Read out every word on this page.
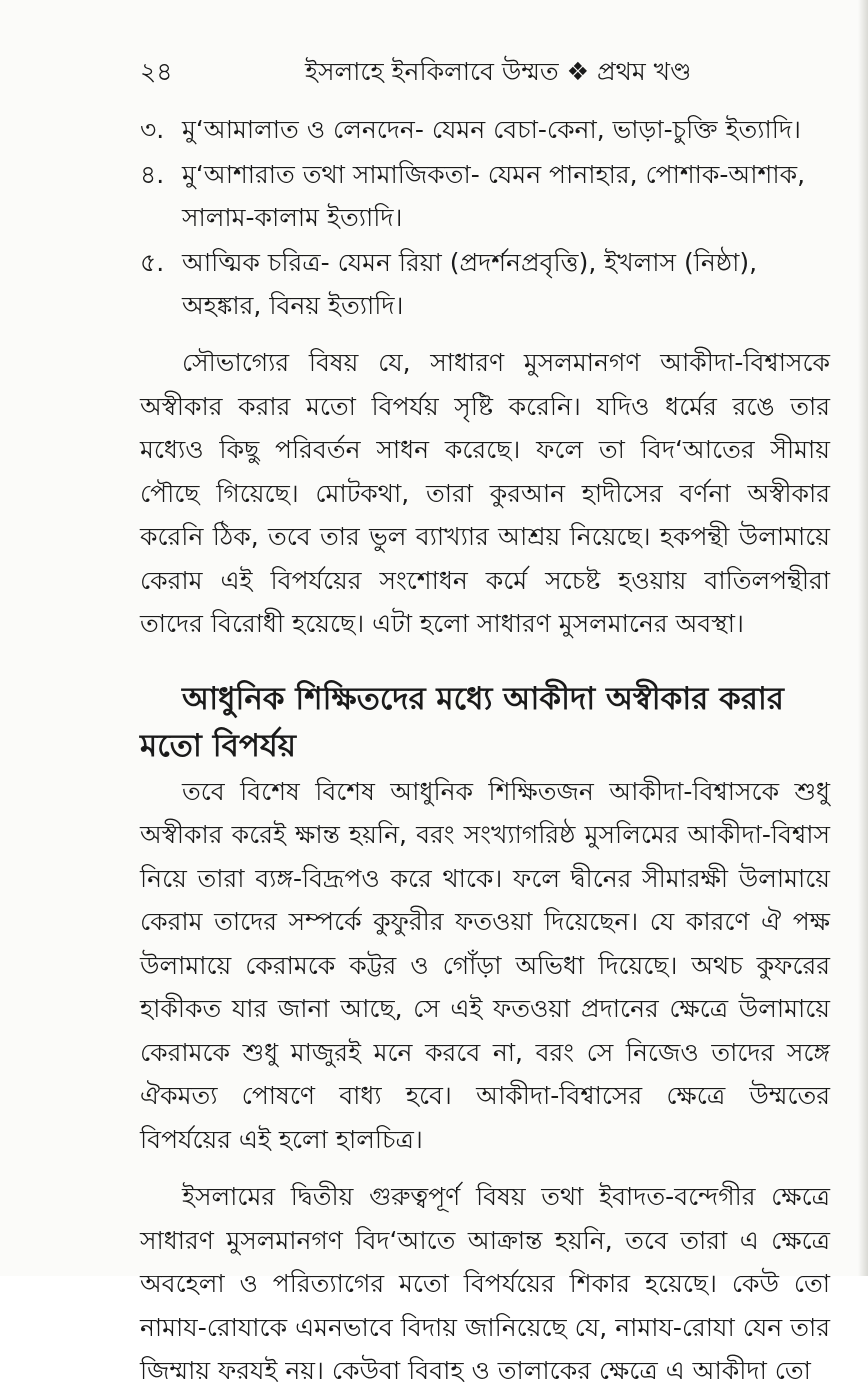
২৪	ইসলাহে ইনকিলাবে উম্মত ❖ প্রথম খণ্ড
৩. মু‘আমালাত ও লেনদেন- যেমন বেচা-কেনা, ভাড়া-চুক্তি ইত্যাদি।
৪. মু‘আশারাত তথা সামাজিকতা- যেমন পানাহার, পোশাক-আশাক, সালাম-কালাম ইত্যাদি।
৫. আত্মিক চরিত্র- যেমন রিয়া (প্রদর্শনপ্রবৃত্তি), ইখলাস (নিষ্ঠা), অহঙ্কার, বিনয় ইত্যাদি।

সৌভাগ্যের বিষয় যে, সাধারণ মুসলমানগণ আকীদা-বিশ্বাসকে অস্বীকার করার মতো বিপর্যয় সৃষ্টি করেনি। যদিও ধর্মের রঙে তার মধ্যেও কিছু পরিবর্তন সাধন করেছে। ফলে তা বিদ‘আতের সীমায় পৌছে গিয়েছে। মোটকথা, তারা কুরআন হাদীসের বর্ণনা অস্বীকার করেনি ঠিক, তবে তার ভুল ব্যাখ্যার আশ্রয় নিয়েছে। হকপন্থী উলামায়ে কেরাম এই বিপর্যয়ের সংশোধন কর্মে সচেষ্ট হওয়ায় বাতিলপন্থীরা তাদের বিরোধী হয়েছে। এটা হলো সাধারণ মুসলমানের অবস্থা।

আধুনিক শিক্ষিতদের মধ্যে আকীদা অস্বীকার করার মতো বিপর্যয়

তবে বিশেষ বিশেষ আধুনিক শিক্ষিতজন আকীদা-বিশ্বাসকে শুধু অস্বীকার করেই ক্ষান্ত হয়নি, বরং সংখ্যাগরিষ্ঠ মুসলিমের আকীদা-বিশ্বাস নিয়ে তারা ব্যঙ্গ-বিদ্রূপও করে থাকে। ফলে দ্বীনের সীমারক্ষী উলামায়ে কেরাম তাদের সম্পর্কে কুফুরীর ফতওয়া দিয়েছেন। যে কারণে ঐ পক্ষ উলামায়ে কেরামকে কট্টর ও গোঁড়া অভিধা দিয়েছে। অথচ কুফরের হাকীকত যার জানা আছে, সে এই ফতওয়া প্রদানের ক্ষেত্রে উলামায়ে কেরামকে শুধু মাজুরই মনে করবে না, বরং সে নিজেও তাদের সঙ্গে ঐকমত্য পোষণে বাধ্য হবে। আকীদা-বিশ্বাসের ক্ষেত্রে উম্মতের বিপর্যয়ের এই হলো হালচিত্র।

ইসলামের দ্বিতীয় গুরুত্বপূর্ণ বিষয় তথা ইবাদত-বন্দেগীর ক্ষেত্রে সাধারণ মুসলমানগণ বিদ‘আতে আক্রান্ত হয়নি, তবে তারা এ ক্ষেত্রে অবহেলা ও পরিত্যাগের মতো বিপর্যয়ের শিকার হয়েছে। কেউ তো নামায-রোযাকে এমনভাবে বিদায় জানিয়েছে যে, নামায-রোযা যেন তার জিম্মায় ফরযই নয়। কেউবা বিবাহ ও তালাকের ক্ষেত্রে এ আকীদা তো
